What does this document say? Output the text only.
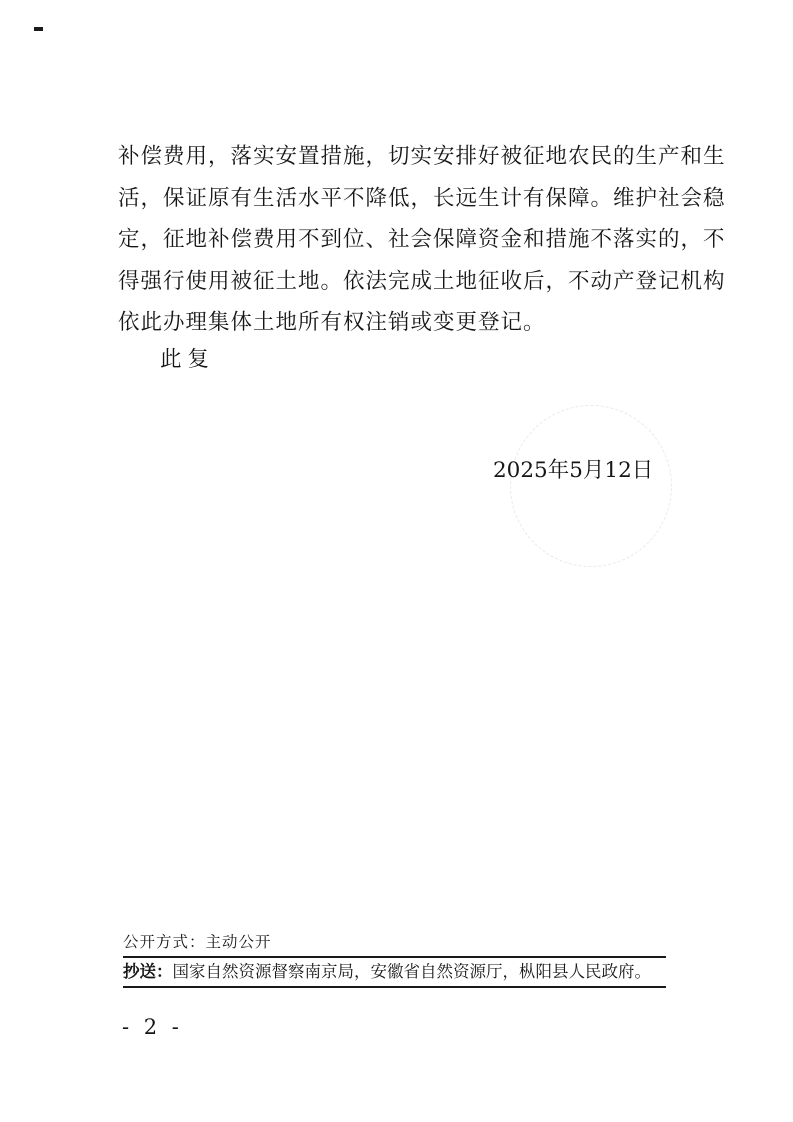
补偿费用，落实安置措施，切实安排好被征地农民的生产和生
活，保证原有生活水平不降低，长远生计有保障。维护社会稳
定，征地补偿费用不到位、社会保障资金和措施不落实的，不
得强行使用被征土地。依法完成土地征收后，不动产登记机构
依此办理集体土地所有权注销或变更登记。

此复

2025年5月12日

公开方式：主动公开

抄送：国家自然资源督察南京局，安徽省自然资源厅，枞阳县人民政府。

- 2 -
